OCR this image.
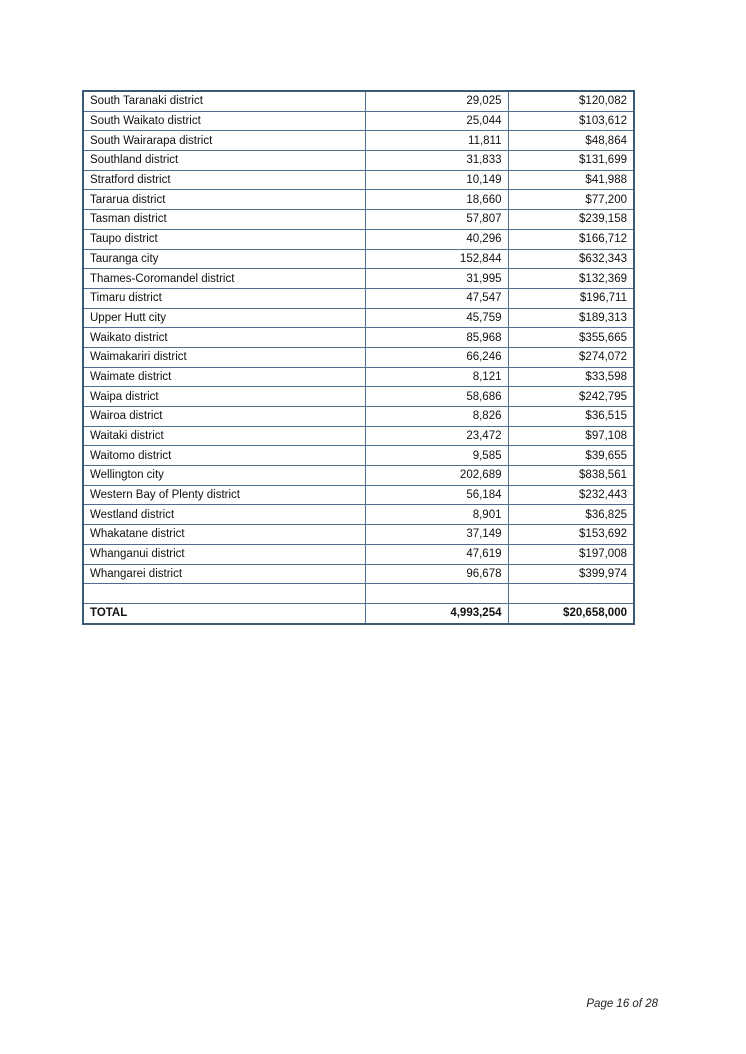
South Taranaki district	29,025	$120,082
South Waikato district	25,044	$103,612
South Wairarapa district	11,811	$48,864
Southland district	31,833	$131,699
Stratford district	10,149	$41,988
Tararua district	18,660	$77,200
Tasman district	57,807	$239,158
Taupo district	40,296	$166,712
Tauranga city	152,844	$632,343
Thames-Coromandel district	31,995	$132,369
Timaru district	47,547	$196,711
Upper Hutt city	45,759	$189,313
Waikato district	85,968	$355,665
Waimakariri district	66,246	$274,072
Waimate district	8,121	$33,598
Waipa district	58,686	$242,795
Wairoa district	8,826	$36,515
Waitaki district	23,472	$97,108
Waitomo district	9,585	$39,655
Wellington city	202,689	$838,561
Western Bay of Plenty district	56,184	$232,443
Westland district	8,901	$36,825
Whakatane district	37,149	$153,692
Whanganui district	47,619	$197,008
Whangarei district	96,678	$399,974

TOTAL	4,993,254	$20,658,000
Page 16 of 28
